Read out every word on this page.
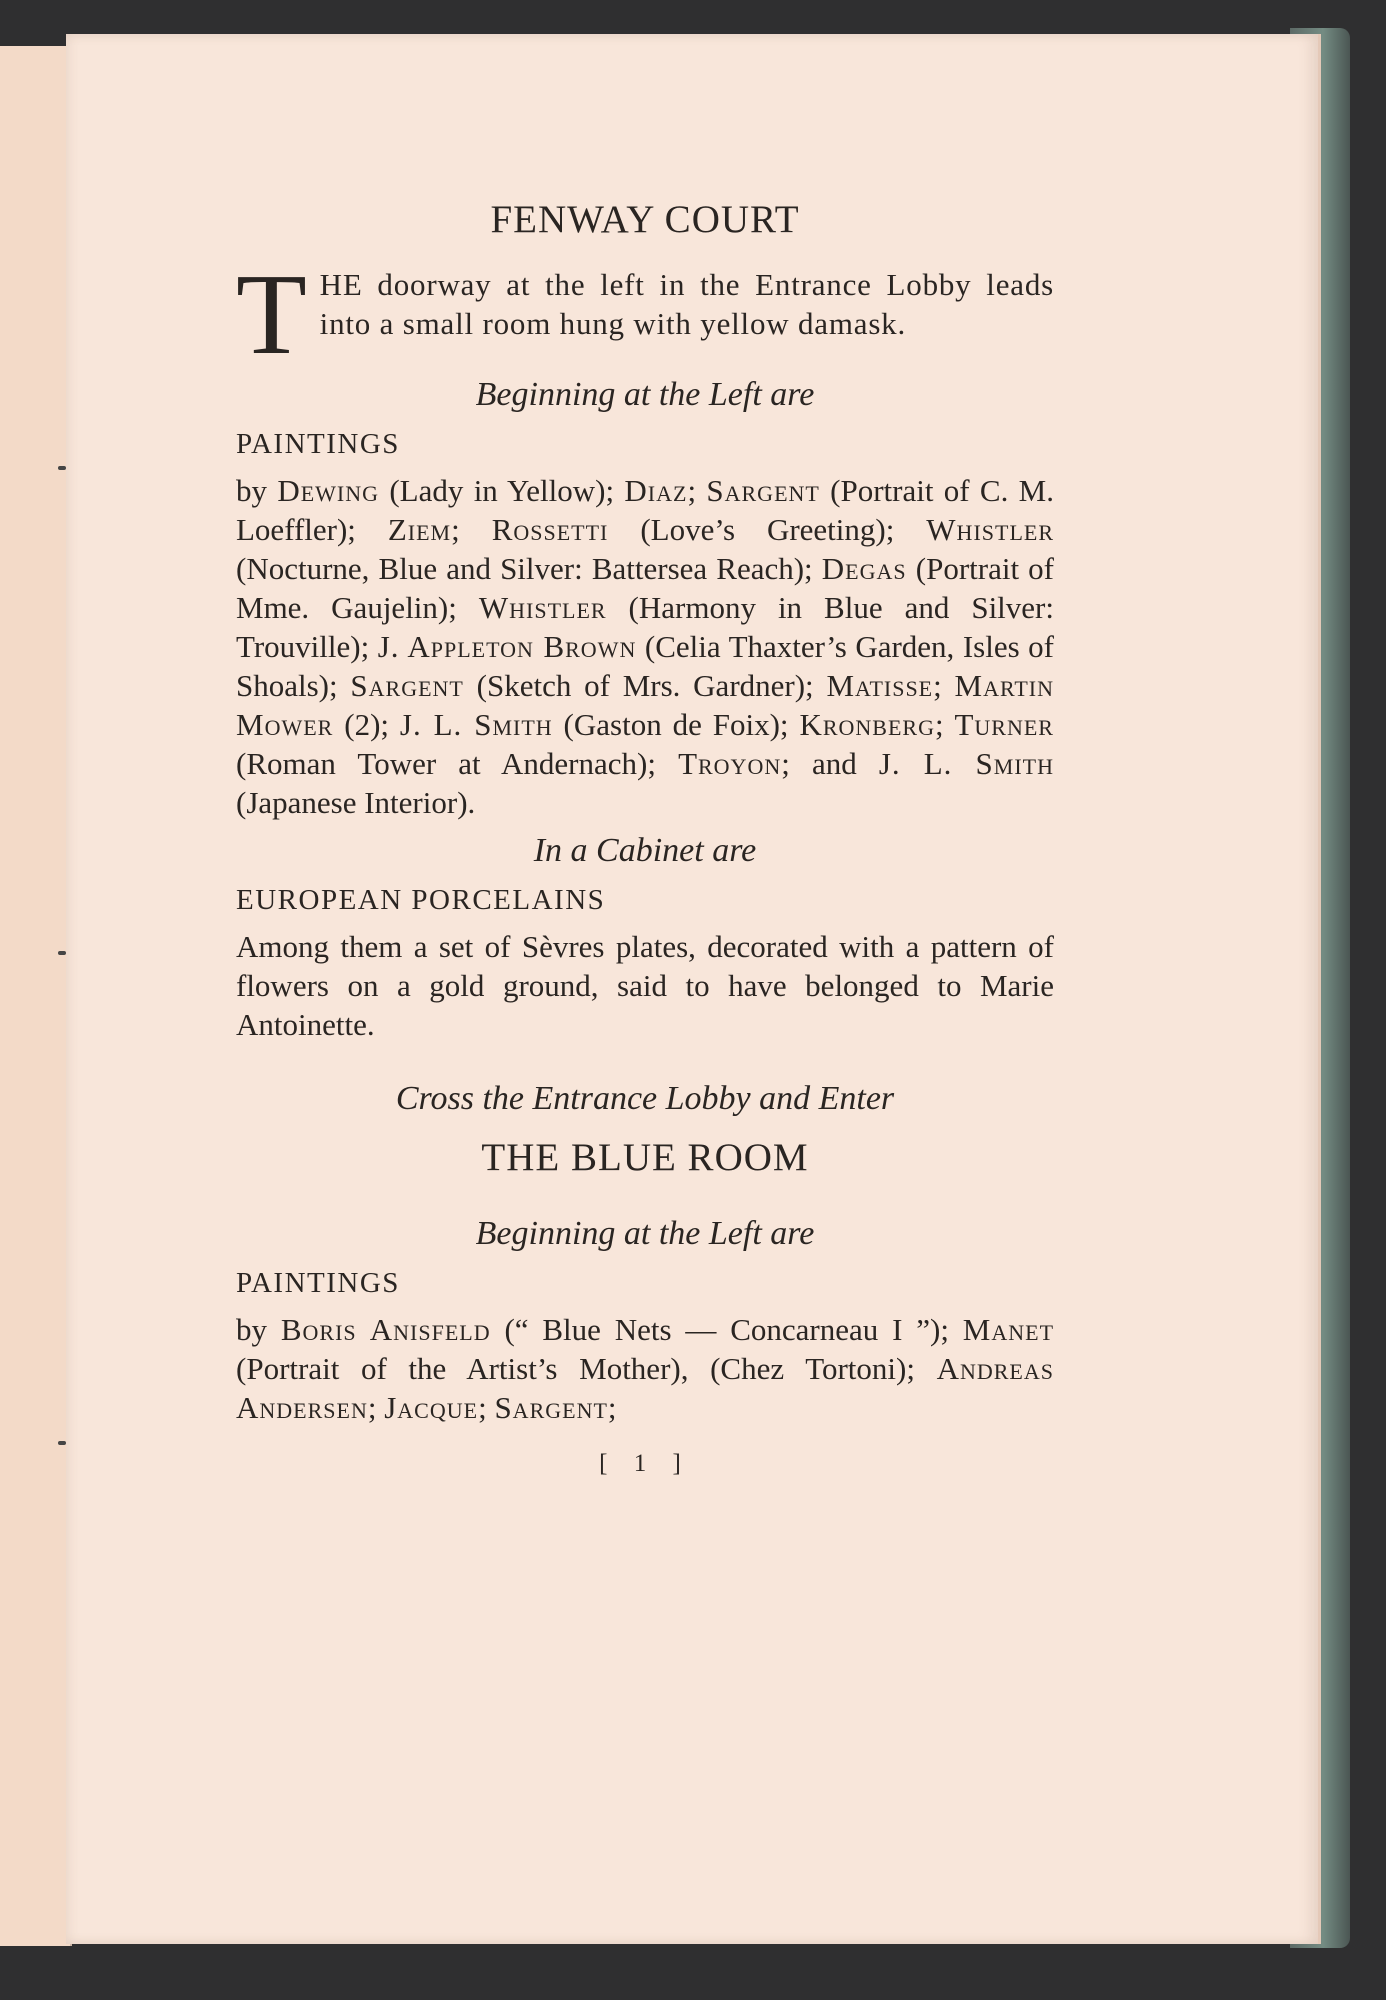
FENWAY COURT

T HE doorway at the left in the Entrance Lobby leads into a small room hung with yellow damask.

Beginning at the Left are

PAINTINGS

by Dewing (Lady in Yellow); Diaz; Sargent (Portrait of C. M. Loeffler); Ziem; Rossetti (Love’s Greeting); Whistler (Nocturne, Blue and Silver: Battersea Reach); Degas (Portrait of Mme. Gaujelin); Whistler (Harmony in Blue and Silver: Trouville); J. Appleton Brown (Celia Thaxter’s Garden, Isles of Shoals); Sargent (Sketch of Mrs. Gardner); Matisse; Martin Mower (2); J. L. Smith (Gaston de Foix); Kronberg; Turner (Roman Tower at Andernach); Troyon; and J. L. Smith (Japanese Interior).

In a Cabinet are

EUROPEAN PORCELAINS

Among them a set of Sèvres plates, decorated with a pattern of flowers on a gold ground, said to have belonged to Marie Antoinette.

Cross the Entrance Lobby and Enter

THE BLUE ROOM

Beginning at the Left are

PAINTINGS

by Boris Anisfeld (“ Blue Nets — Concarneau I ”); Manet (Portrait of the Artist’s Mother), (Chez Tortoni); Andreas Andersen; Jacque; Sargent;

[ 1 ]
